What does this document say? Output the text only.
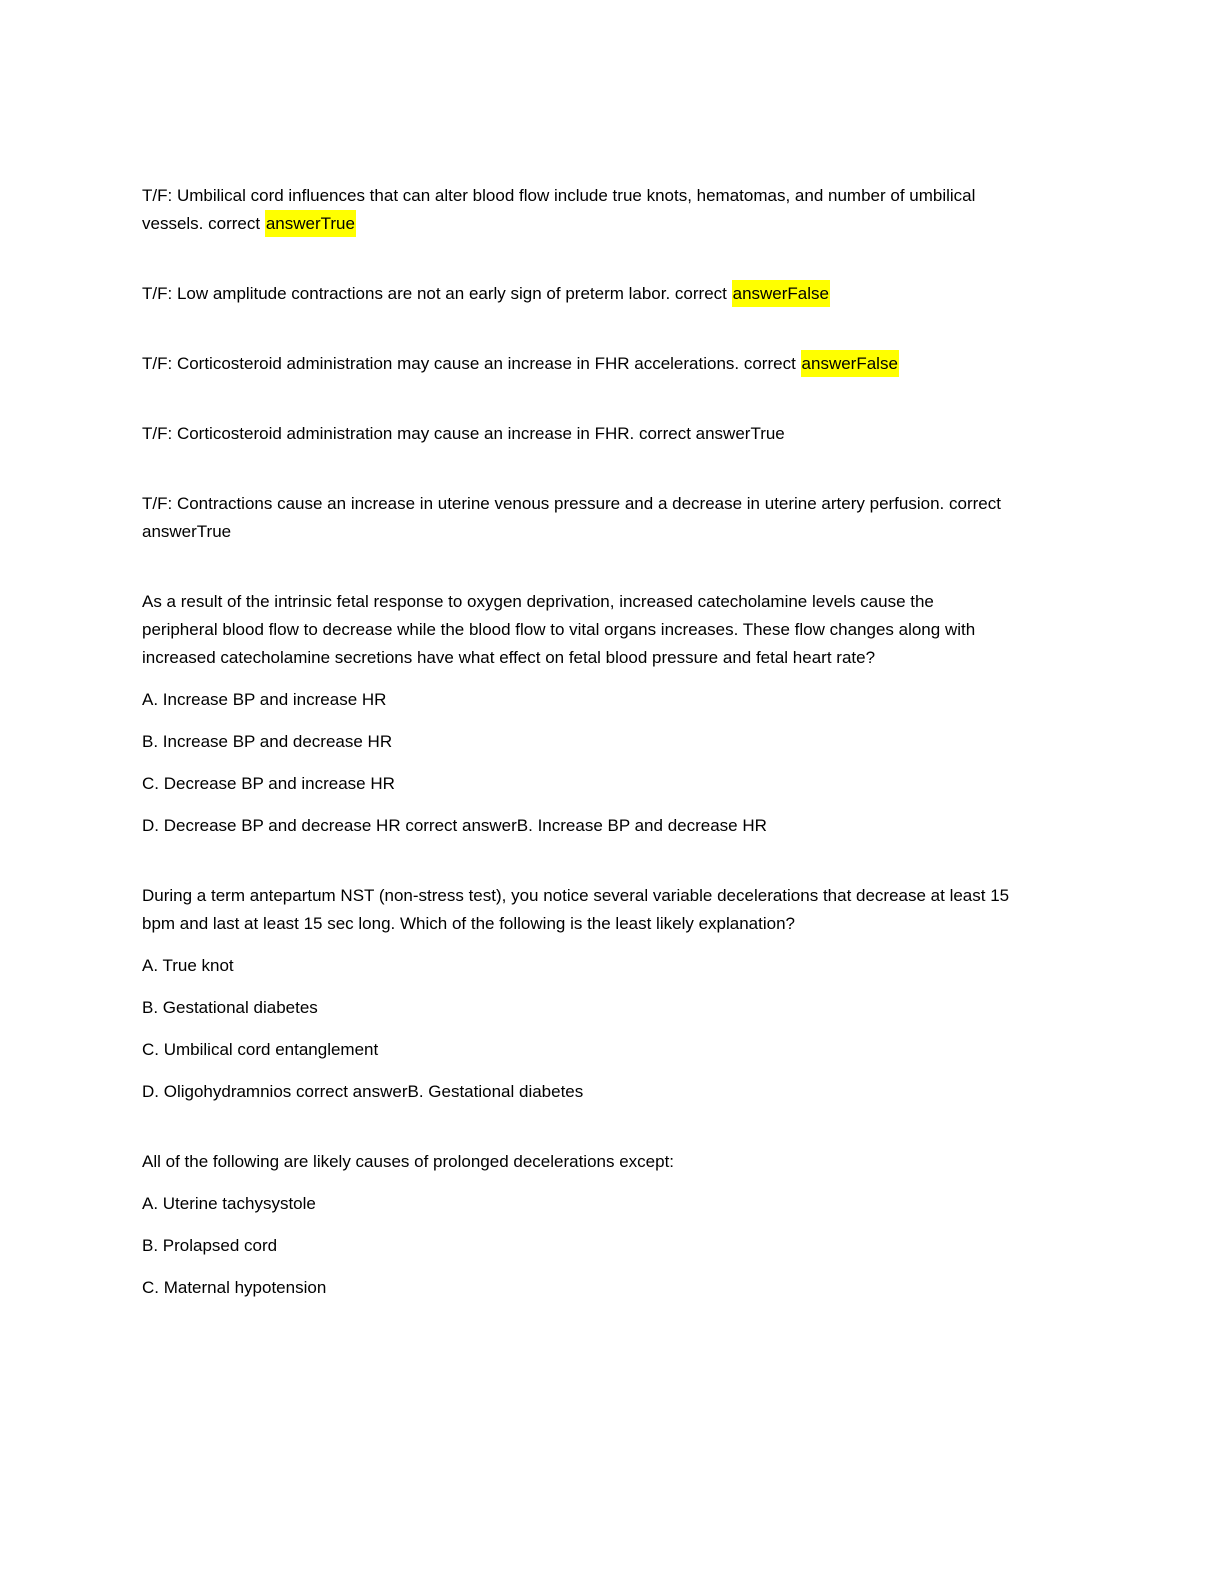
T/F: Umbilical cord influences that can alter blood flow include true knots, hematomas, and number of umbilical
vessels. correct answerTrue

T/F: Low amplitude contractions are not an early sign of preterm labor. correct answerFalse

T/F: Corticosteroid administration may cause an increase in FHR accelerations. correct answerFalse

T/F: Corticosteroid administration may cause an increase in FHR. correct answerTrue

T/F: Contractions cause an increase in uterine venous pressure and a decrease in uterine artery perfusion. correct
answerTrue

As a result of the intrinsic fetal response to oxygen deprivation, increased catecholamine levels cause the
peripheral blood flow to decrease while the blood flow to vital organs increases. These flow changes along with
increased catecholamine secretions have what effect on fetal blood pressure and fetal heart rate?

A. Increase BP and increase HR

B. Increase BP and decrease HR

C. Decrease BP and increase HR

D. Decrease BP and decrease HR correct answerB. Increase BP and decrease HR

During a term antepartum NST (non-stress test), you notice several variable decelerations that decrease at least 15
bpm and last at least 15 sec long. Which of the following is the least likely explanation?

A. True knot

B. Gestational diabetes

C. Umbilical cord entanglement

D. Oligohydramnios correct answerB. Gestational diabetes

All of the following are likely causes of prolonged decelerations except:

A. Uterine tachysystole

B. Prolapsed cord

C. Maternal hypotension
